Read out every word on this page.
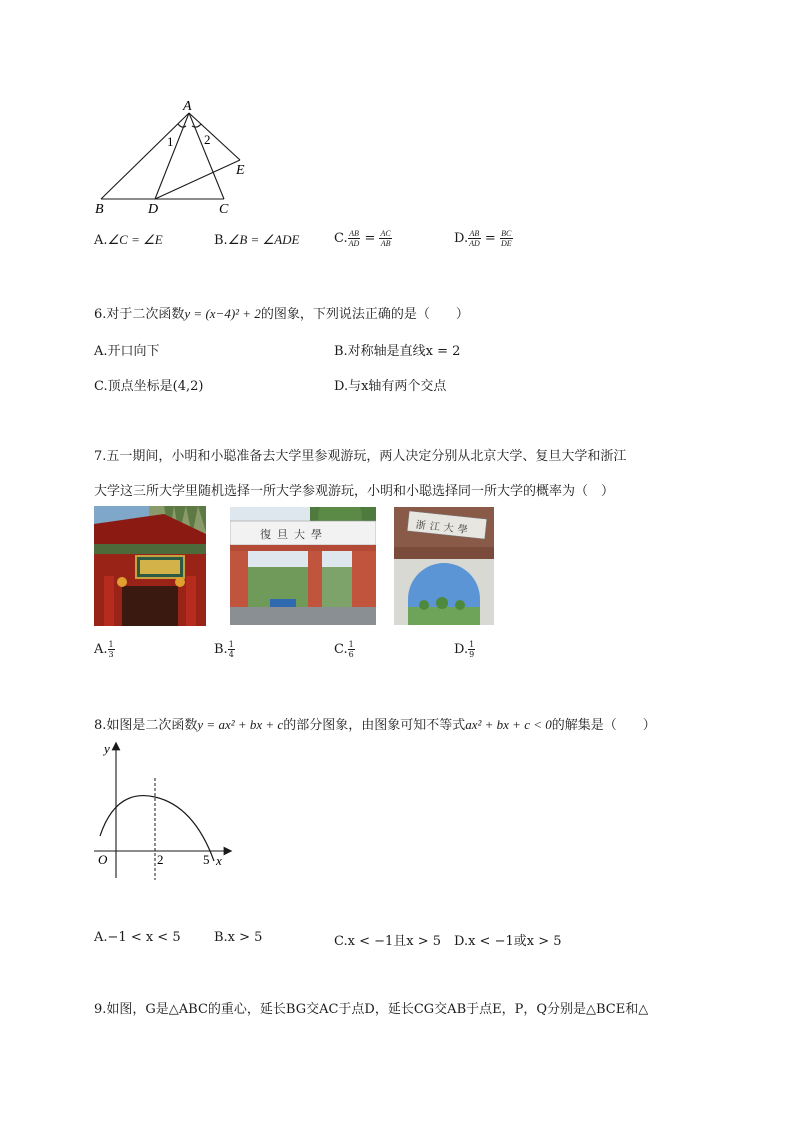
A
B	D	C
E
1 2
A.∠C = ∠E	B.∠B = ∠ADE	C. $\frac{AB}{AD} = \frac{AC}{AB}$	D. $\frac{AB}{AD} = \frac{BC}{DE}$
6.对于二次函数y = (x−4)² + 2的图象，下列说法正确的是（　　）
A.开口向下	B.对称轴是直线x = 2
C.顶点坐标是(4,2)	D.与x轴有两个交点
7.五一期间，小明和小聪准备去大学里参观游玩，两人决定分别从北京大学、复旦大学和浙江
大学这三所大学里随机选择一所大学参观游玩，小明和小聪选择同一所大学的概率为（　）
復旦大學	浙江大學
A. $\frac{1}{3}$	B. $\frac{1}{4}$	C. $\frac{1}{6}$	D. $\frac{1}{9}$
8.如图是二次函数y = ax² + bx + c的部分图象，由图象可知不等式ax² + bx + c < 0的解集是（　　）
y
x
O	2	5
A.−1 < x < 5	B.x > 5	C.x < −1且x > 5 D.x < −1或x > 5
9.如图，G是△ABC的重心，延长BG交AC于点D，延长CG交AB于点E，P，Q分别是△BCE和△
